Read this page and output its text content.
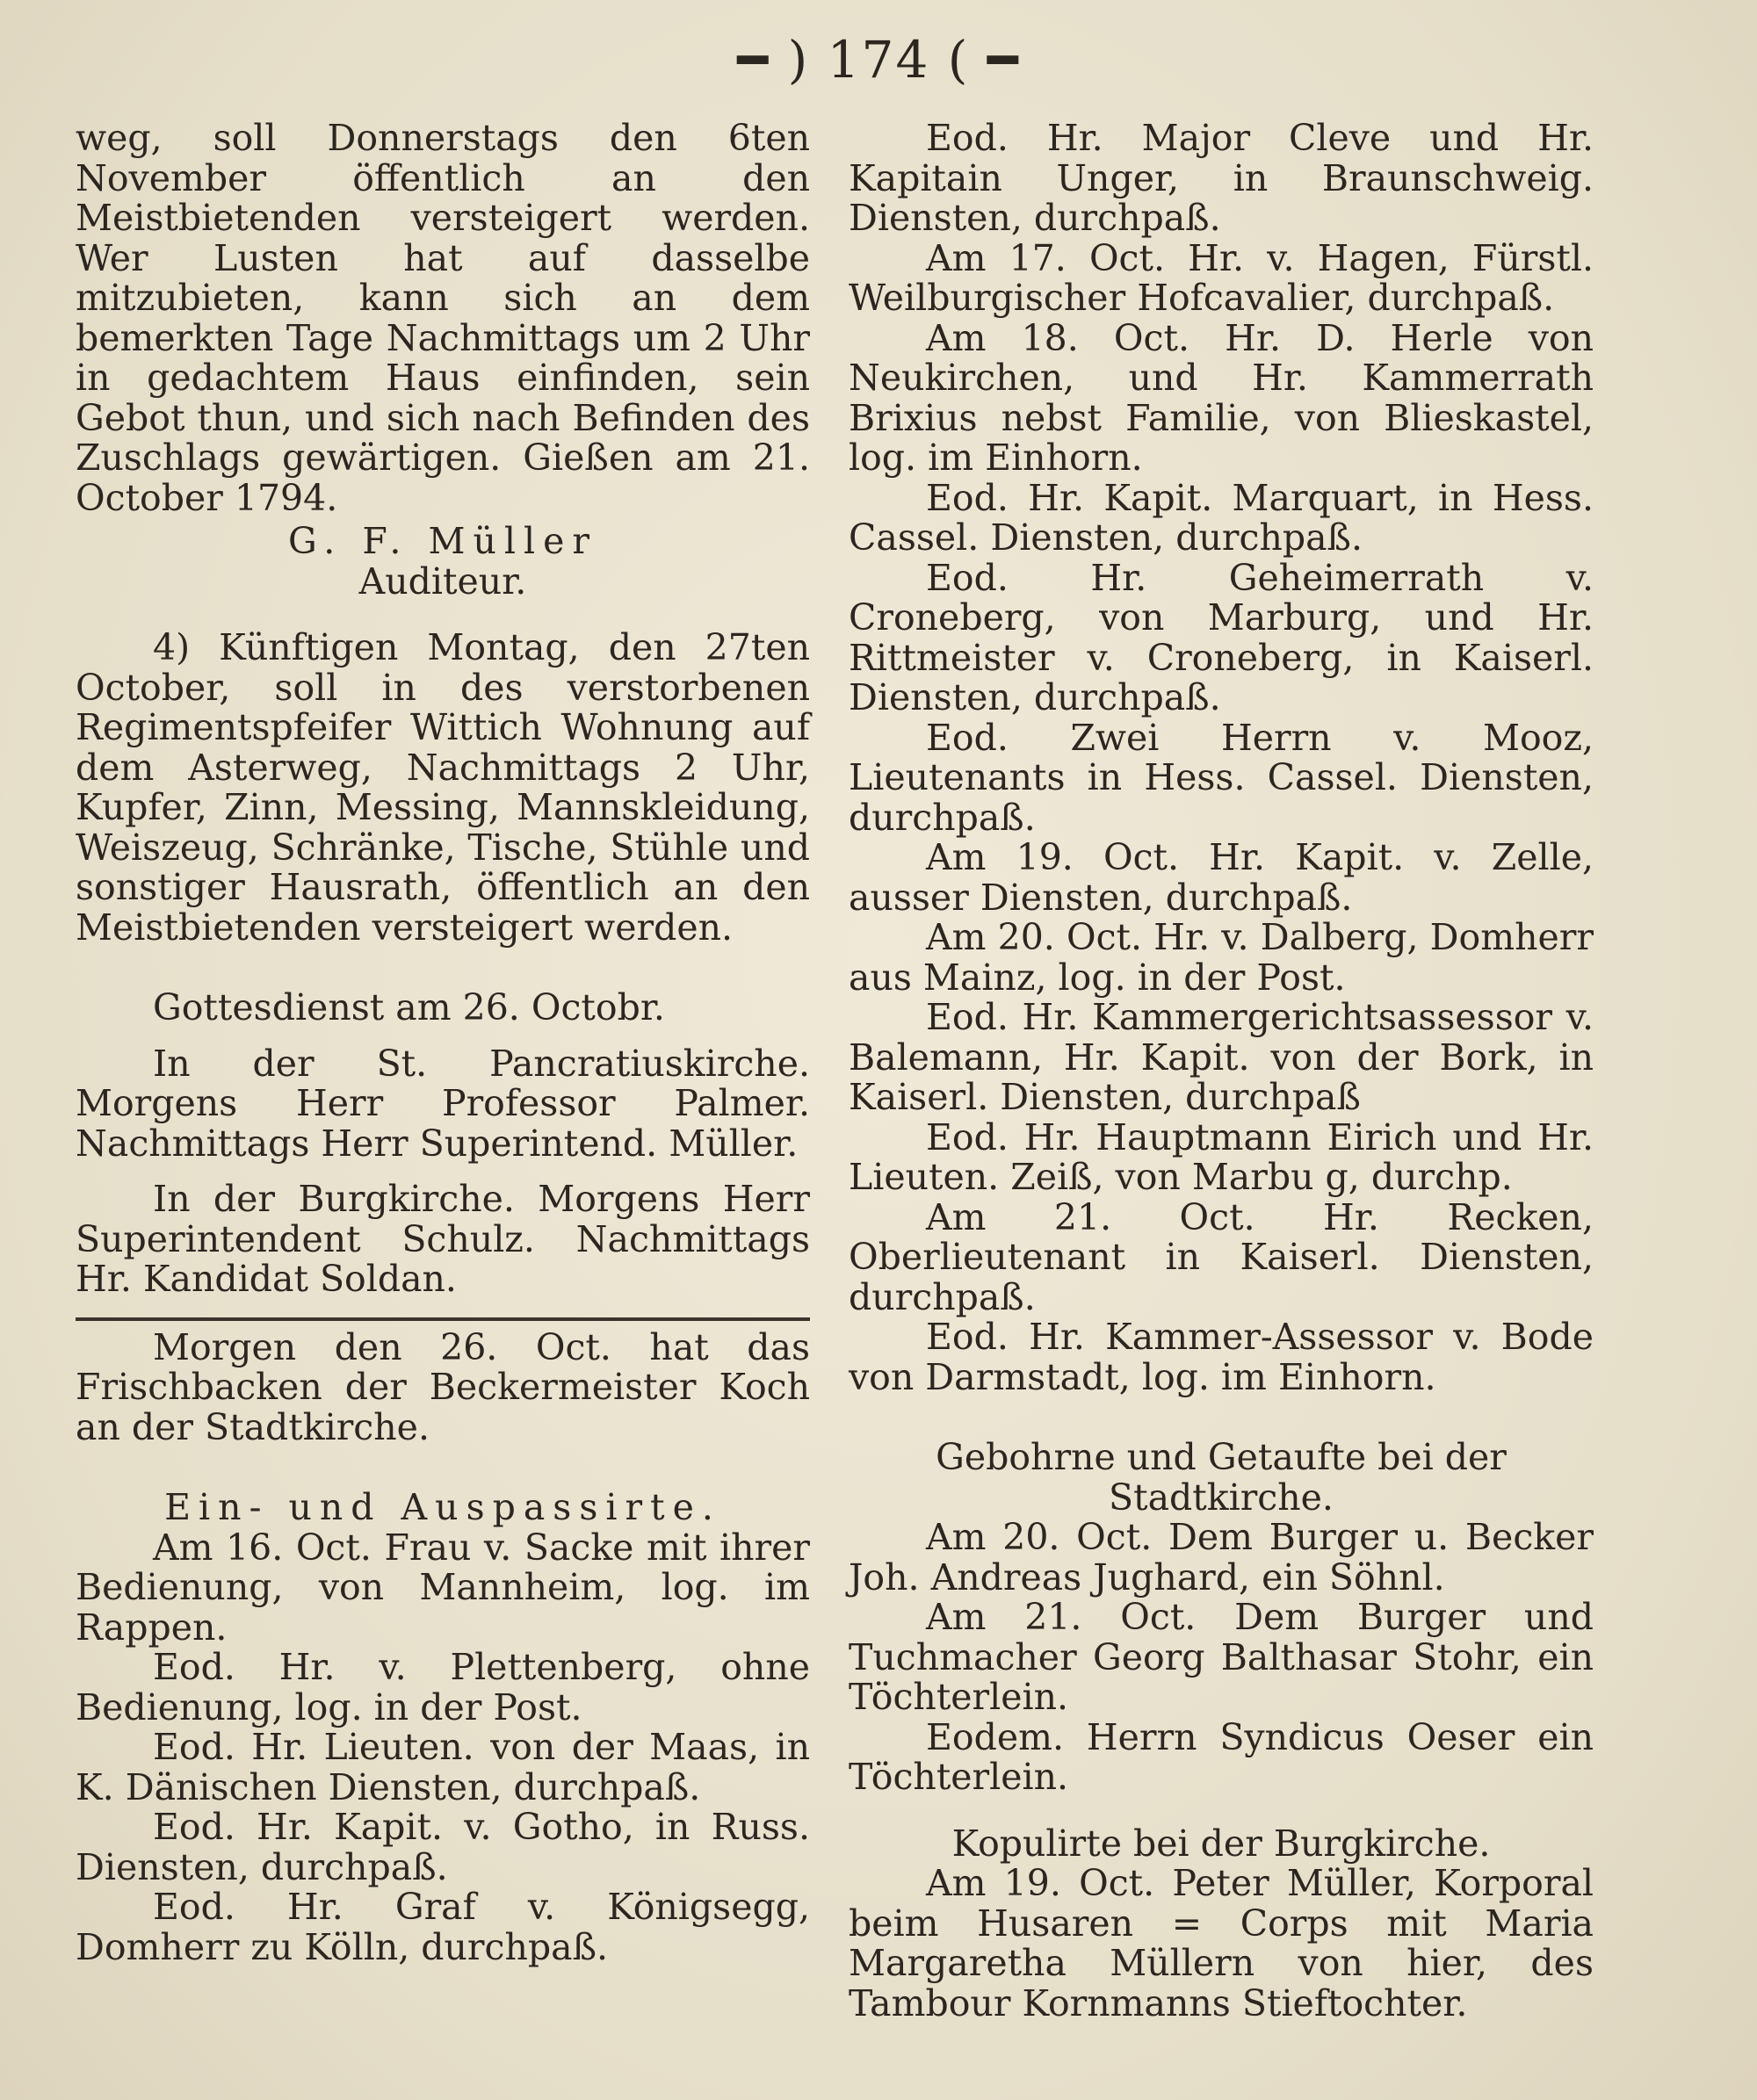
━ ) 174 ( ━

weg, soll Donnerstags den 6ten November öffentlich an den Meistbietenden versteigert werden. Wer Lusten hat auf dasselbe mitzubieten, kann sich an dem bemerkten Tage Nachmittags um 2 Uhr in gedachtem Haus einfinden, sein Gebot thun, und sich nach Befinden des Zuschlags gewärtigen. Gießen am 21. October 1794.

G. F. Müller

Auditeur.

4) Künftigen Montag, den 27ten October, soll in des verstorbenen Regimentspfeifer Wittich Wohnung auf dem Asterweg, Nachmittags 2 Uhr, Kupfer, Zinn, Messing, Mannskleidung, Weiszeug, Schränke, Tische, Stühle und sonstiger Hausrath, öffentlich an den Meistbietenden versteigert werden.

Gottesdienst am 26. Octobr.

In der St. Pancratiuskirche. Morgens Herr Professor Palmer. Nachmittags Herr Superintend. Müller.

In der Burgkirche. Morgens Herr Superintendent Schulz. Nachmittags Hr. Kandidat Soldan.

Morgen den 26. Oct. hat das Frischbacken der Beckermeister Koch an der Stadtkirche.

Ein- und Auspassirte.

Am 16. Oct. Frau v. Sacke mit ihrer Bedienung, von Mannheim, log. im Rappen.

Eod. Hr. v. Plettenberg, ohne Bedienung, log. in der Post.

Eod. Hr. Lieuten. von der Maas, in K. Dänischen Diensten, durchpaß.

Eod. Hr. Kapit. v. Gotho, in Russ. Diensten, durchpaß.

Eod. Hr. Graf v. Königsegg, Domherr zu Kölln, durchpaß.

Eod. Hr. Major Cleve und Hr. Kapitain Unger, in Braunschweig. Diensten, durchpaß.

Am 17. Oct. Hr. v. Hagen, Fürstl. Weilburgischer Hofcavalier, durchpaß.

Am 18. Oct. Hr. D. Herle von Neukirchen, und Hr. Kammerrath Brixius nebst Familie, von Blieskastel, log. im Einhorn.

Eod. Hr. Kapit. Marquart, in Hess. Cassel. Diensten, durchpaß.

Eod. Hr. Geheimerrath v. Croneberg, von Marburg, und Hr. Rittmeister v. Croneberg, in Kaiserl. Diensten, durchpaß.

Eod. Zwei Herrn v. Mooz, Lieutenants in Hess. Cassel. Diensten, durchpaß.

Am 19. Oct. Hr. Kapit. v. Zelle, ausser Diensten, durchpaß.

Am 20. Oct. Hr. v. Dalberg, Domherr aus Mainz, log. in der Post.

Eod. Hr. Kammergerichtsassessor v. Balemann, Hr. Kapit. von der Bork, in Kaiserl. Diensten, durchpaß

Eod. Hr. Hauptmann Eirich und Hr. Lieuten. Zeiß, von Marbu g, durchp.

Am 21. Oct. Hr. Recken, Oberlieutenant in Kaiserl. Diensten, durchpaß.

Eod. Hr. Kammer-Assessor v. Bode von Darmstadt, log. im Einhorn.

Gebohrne und Getaufte bei der Stadtkirche.

Am 20. Oct. Dem Burger u. Becker Joh. Andreas Jughard, ein Söhnl.

Am 21. Oct. Dem Burger und Tuchmacher Georg Balthasar Stohr, ein Töchterlein.

Eodem. Herrn Syndicus Oeser ein Töchterlein.

Kopulirte bei der Burgkirche.

Am 19. Oct. Peter Müller, Korporal beim Husaren = Corps mit Maria Margaretha Müllern von hier, des Tambour Kornmanns Stieftochter.
